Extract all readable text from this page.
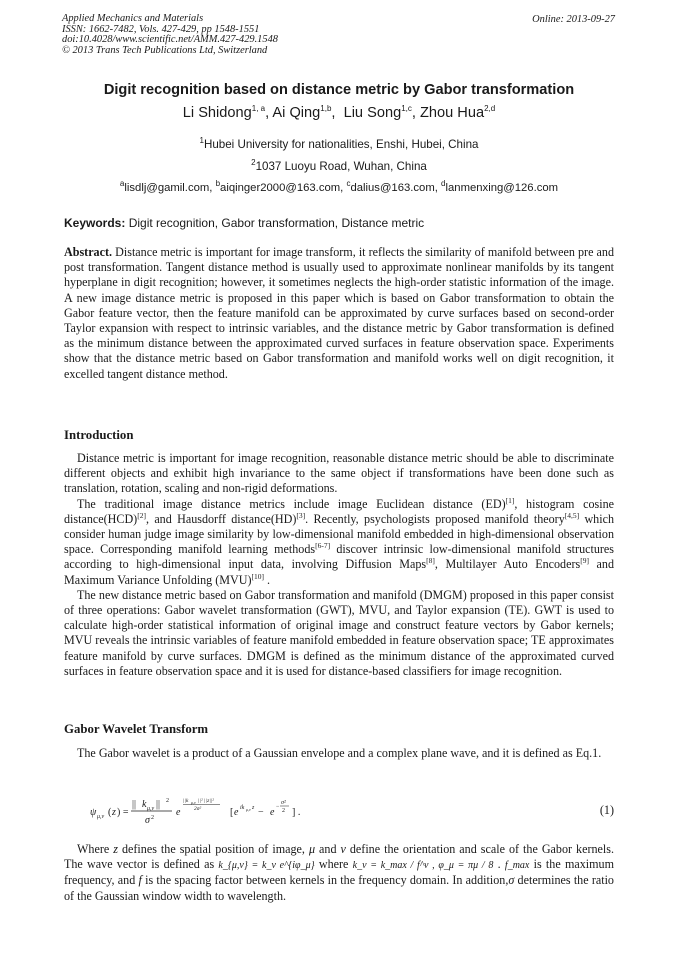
Applied Mechanics and Materials
ISSN: 1662-7482, Vols. 427-429, pp 1548-1551
doi:10.4028/www.scientific.net/AMM.427-429.1548
© 2013 Trans Tech Publications Ltd, Switzerland
Online: 2013-09-27
Digit recognition based on distance metric by Gabor transformation
Li Shidong$^{1, a}$, Ai Qing$^{1,b}$,  Liu Song$^{1,c}$, Zhou Hua$^{2,d}$
$^1$Hubei University for nationalities, Enshi, Hubei, China
$^2$1037 Luoyu Road, Wuhan, China
$^a$lisdlj@gamil.com, $^b$aiqinger2000@163.com, $^c$dalius@163.com, $^d$lanmenxing@126.com
Keywords: Digit recognition, Gabor transformation, Distance metric

Abstract. Distance metric is important for image transform, it reflects the similarity of manifold between pre and post transformation. Tangent distance method is usually used to approximate nonlinear manifolds by its tangent hyperplane in digit recognition; however, it sometimes neglects the high-order statistic information of the image. A new image distance metric is proposed in this paper which is based on Gabor transformation to obtain the Gabor feature vector, then the feature manifold can be approximated by curve surfaces based on second-order Taylor expansion with respect to intrinsic variables, and the distance metric by Gabor transformation is defined as the minimum distance between the approximated curved surfaces in feature observation space. Experiments show that the distance metric based on Gabor transformation and manifold works well on digit recognition, it excelled tangent distance method.

Introduction

Distance metric is important for image recognition, reasonable distance metric should be able to discriminate different objects and exhibit high invariance to the same object if transformations have been done such as translation, rotation, scaling and non-rigid deformations.

The traditional image distance metrics include image Euclidean distance (ED)[1], histogram cosine distance(HCD)[2], and Hausdorff distance(HD)[3]. Recently, psychologists proposed manifold theory[4,5] which consider human judge image similarity by low-dimensional manifold embedded in high-dimensional observation space. Corresponding manifold learning methods[6-7] discover intrinsic low-dimensional manifold structures according to high-dimensional input data, involving Diffusion Maps[8], Multilayer Auto Encoders[9] and Maximum Variance Unfolding (MVU)[10] .

The new distance metric based on Gabor transformation and manifold (DMGM) proposed in this paper consist of three operations: Gabor wavelet transformation (GWT), MVU, and Taylor expansion (TE). GWT is used to calculate high-order statistical information of original image and construct feature vectors by Gabor kernels; MVU reveals the intrinsic variables of feature manifold embedded in feature observation space; TE approximates feature manifold by curve surfaces. DMGM is defined as the minimum distance of the approximated curved surfaces in feature observation space and it is used for distance-based classifiers for image recognition.

Gabor Wavelet Transform

The Gabor wavelet is a product of a Gaussian envelope and a complex plane wave, and it is defined as Eq.1.

ψ μ,ν ( z ) =
|| k μ,ν || 2
σ 2 e
||k μ,ν ||² ||z||²
2σ²	[ e ik μ,ν z − e −
σ²
2 ] .	(1)

Where z defines the spatial position of image, μ and ν define the orientation and scale of the Gabor kernels. The wave vector is defined as k_{μ,ν} = k_ν e^{iφ_μ} where k_ν = k_max / f^ν , φ_μ = πμ / 8 . f_max is the maximum frequency, and f is the spacing factor between kernels in the frequency domain. In addition,σ determines the ratio of the Gaussian window width to wavelength.
